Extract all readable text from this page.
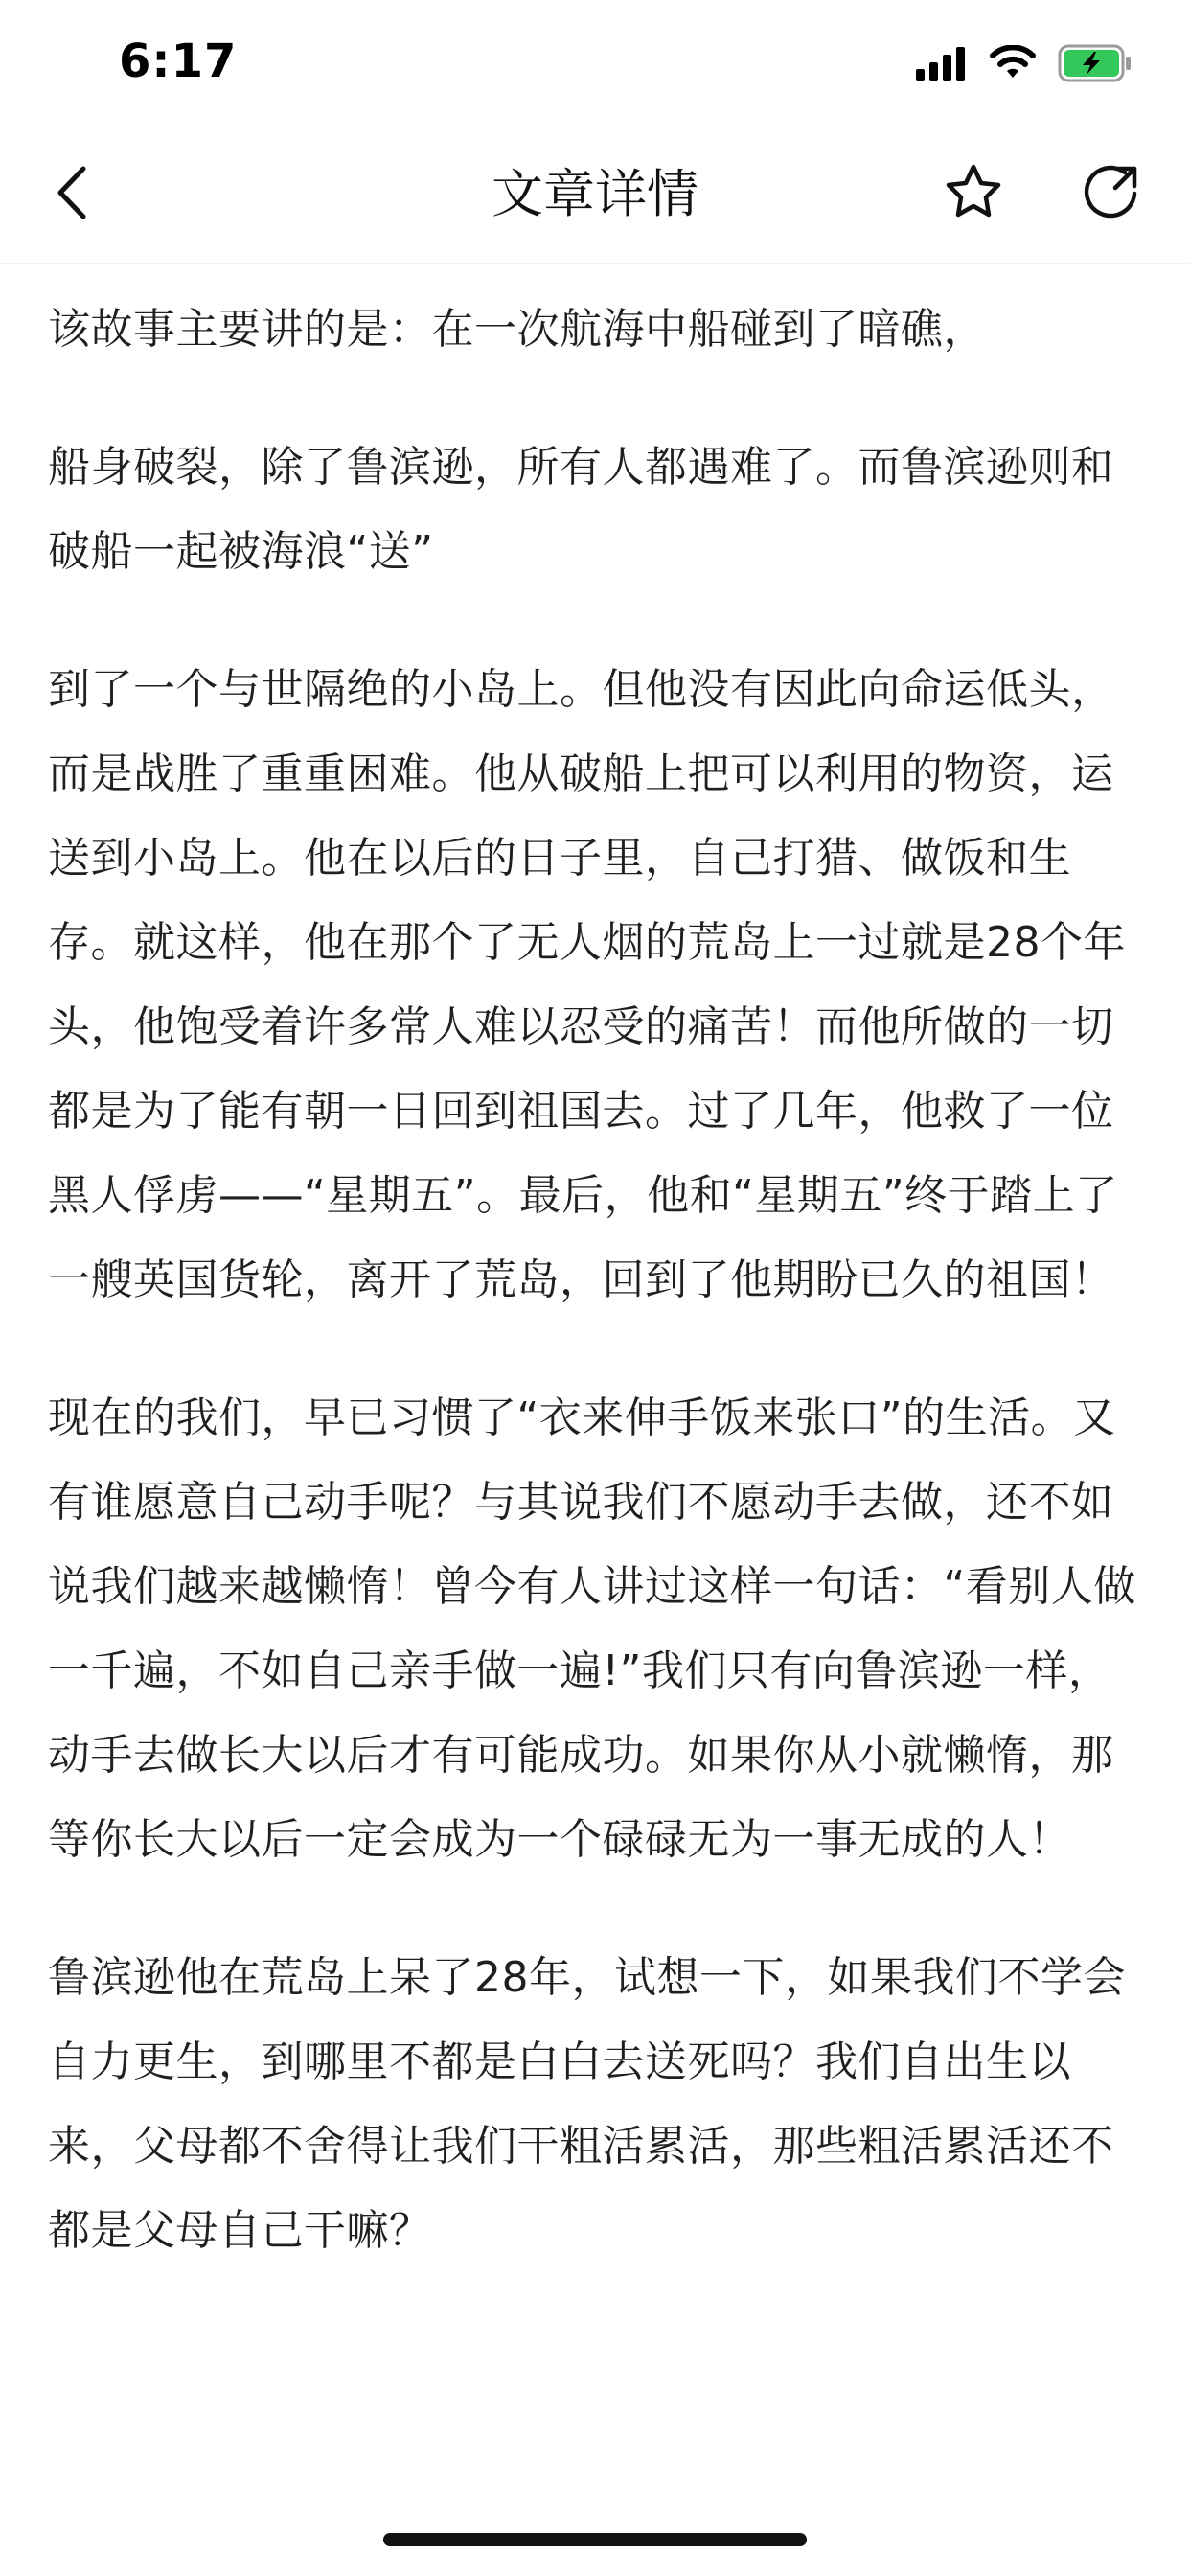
6:17
文章详情

该故事主要讲的是：在一次航海中船碰到了暗礁，

船身破裂，除了鲁滨逊，所有人都遇难了。而鲁滨逊则和破船一起被海浪“送”

到了一个与世隔绝的小岛上。但他没有因此向命运低头，而是战胜了重重困难。他从破船上把可以利用的物资，运送到小岛上。他在以后的日子里，自己打猎、做饭和生存。就这样，他在那个了无人烟的荒岛上一过就是28个年头，他饱受着许多常人难以忍受的痛苦！而他所做的一切都是为了能有朝一日回到祖国去。过了几年，他救了一位黑人俘虏——“星期五”。最后，他和“星期五”终于踏上了一艘英国货轮，离开了荒岛，回到了他期盼已久的祖国！

现在的我们，早已习惯了“衣来伸手饭来张口”的生活。又有谁愿意自己动手呢？与其说我们不愿动手去做，还不如说我们越来越懒惰！曾今有人讲过这样一句话：“看别人做一千遍，不如自己亲手做一遍!”我们只有向鲁滨逊一样，动手去做长大以后才有可能成功。如果你从小就懒惰，那等你长大以后一定会成为一个碌碌无为一事无成的人！

鲁滨逊他在荒岛上呆了28年，试想一下，如果我们不学会自力更生，到哪里不都是白白去送死吗？我们自出生以来，父母都不舍得让我们干粗活累活，那些粗活累活还不都是父母自己干嘛？
